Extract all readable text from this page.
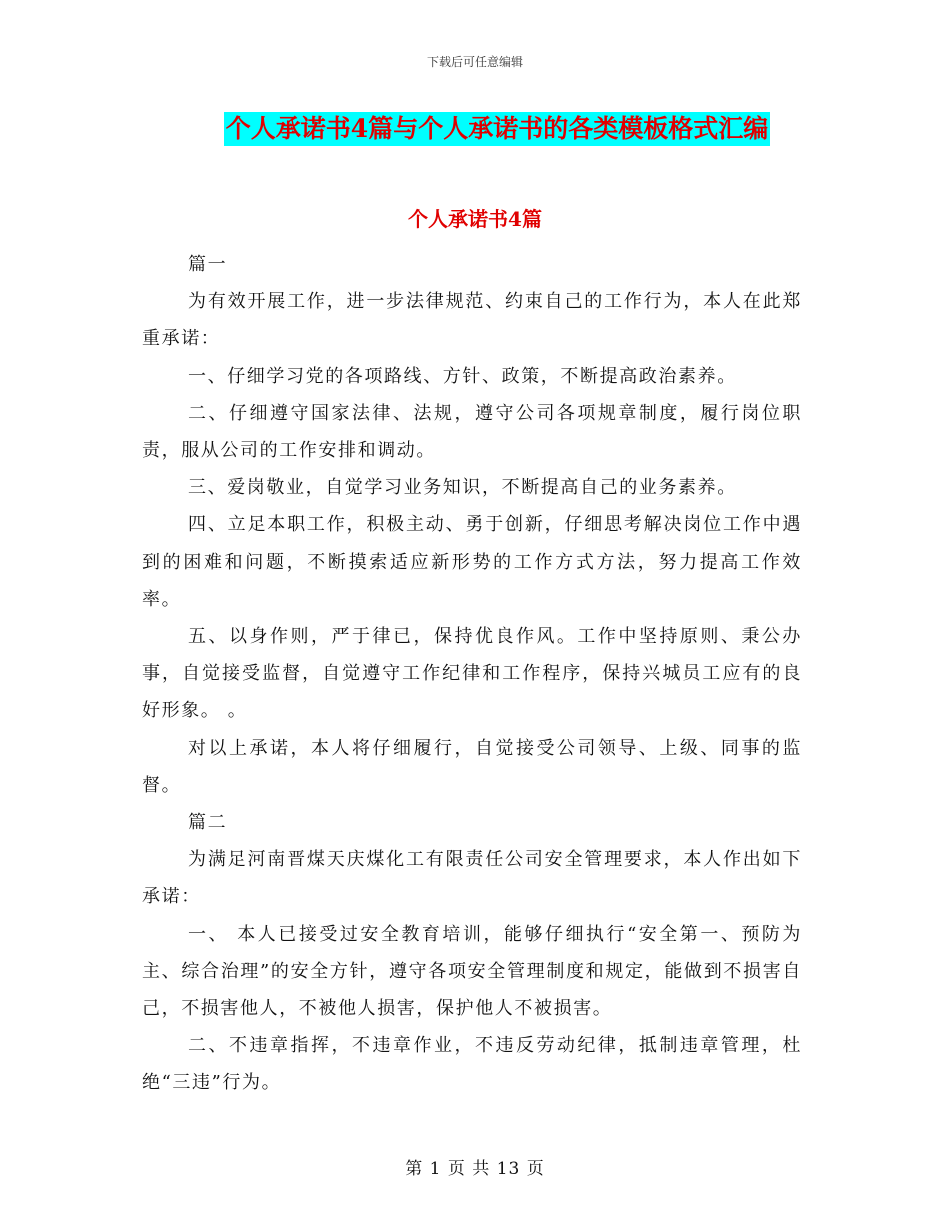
下载后可任意编辑
个人承诺书4篇与个人承诺书的各类模板格式汇编
个人承诺书4篇

篇一

为有效开展工作，进一步法律规范、约束自己的工作行为，本人在此郑重承诺：

一、仔细学习党的各项路线、方针、政策，不断提高政治素养。

二、仔细遵守国家法律、法规，遵守公司各项规章制度，履行岗位职责，服从公司的工作安排和调动。

三、爱岗敬业，自觉学习业务知识，不断提高自己的业务素养。

四、立足本职工作，积极主动、勇于创新，仔细思考解决岗位工作中遇到的困难和问题，不断摸索适应新形势的工作方式方法，努力提高工作效率。

五、以身作则，严于律已，保持优良作风。工作中坚持原则、秉公办事，自觉接受监督，自觉遵守工作纪律和工作程序，保持兴城员工应有的良好形象。 。

对以上承诺，本人将仔细履行，自觉接受公司领导、上级、同事的监督。

篇二

为满足河南晋煤天庆煤化工有限责任公司安全管理要求，本人作出如下承诺：

一、 本人已接受过安全教育培训，能够仔细执行“安全第一、预防为主、综合治理”的安全方针，遵守各项安全管理制度和规定，能做到不损害自己，不损害他人，不被他人损害，保护他人不被损害。

二、不违章指挥，不违章作业，不违反劳动纪律，抵制违章管理，杜绝“三违”行为。

第 1 页 共 13 页
